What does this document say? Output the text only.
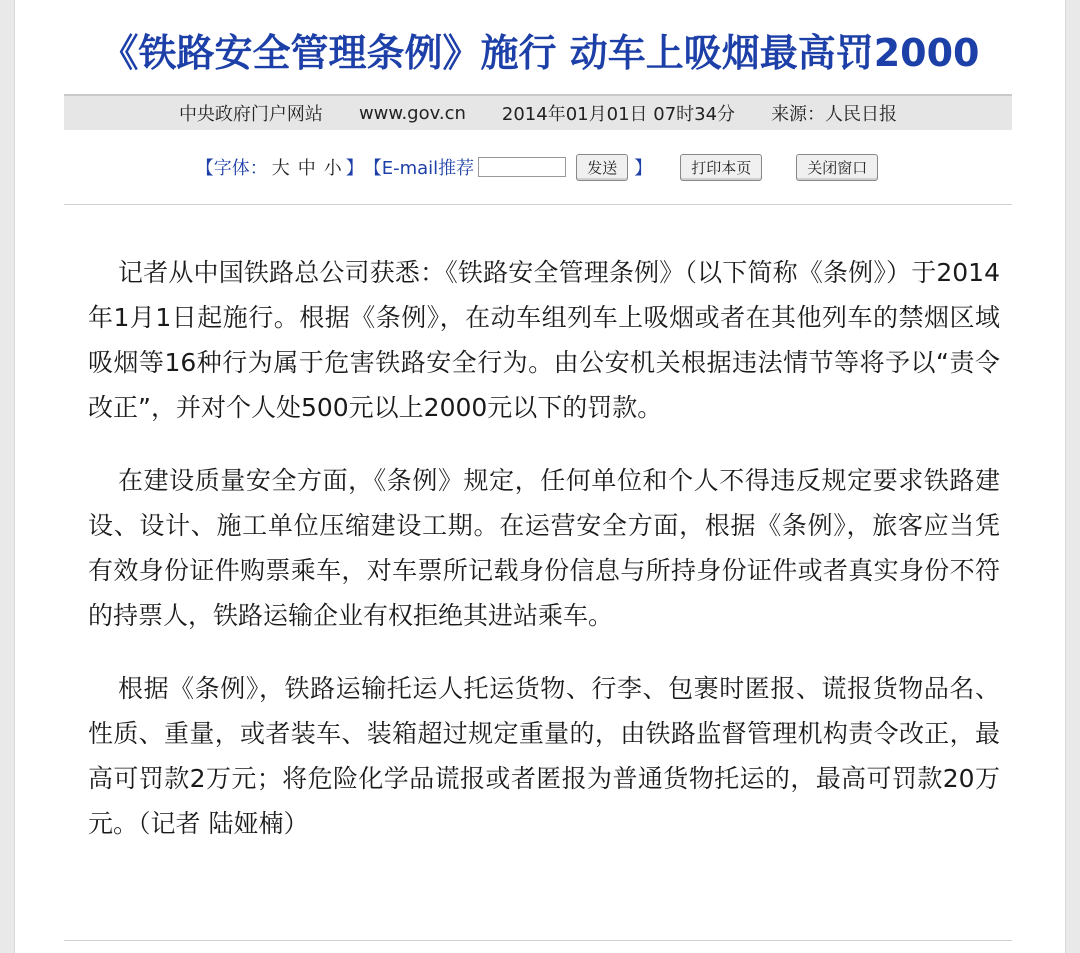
《铁路安全管理条例》施行 动车上吸烟最高罚2000
中央政府门户网站 www.gov.cn 2014年01月01日 07时34分 来源：人民日报
【 字体： 大 中 小 】 【 E-mail推荐	发送 】	打印本页	关闭窗口

记者从中国铁路总公司获悉：《铁路安全管理条例》（以下简称《条例》）于2014年1月1日起施行。根据《条例》，在动车组列车上吸烟或者在其他列车的禁烟区域吸烟等16种行为属于危害铁路安全行为。由公安机关根据违法情节等将予以“责令改正”，并对个人处500元以上2000元以下的罚款。

在建设质量安全方面，《条例》规定，任何单位和个人不得违反规定要求铁路建设、设计、施工单位压缩建设工期。在运营安全方面，根据《条例》，旅客应当凭有效身份证件购票乘车，对车票所记载身份信息与所持身份证件或者真实身份不符的持票人，铁路运输企业有权拒绝其进站乘车。

根据《条例》，铁路运输托运人托运货物、行李、包裹时匿报、谎报货物品名、性质、重量，或者装车、装箱超过规定重量的，由铁路监督管理机构责令改正，最高可罚款2万元；将危险化学品谎报或者匿报为普通货物托运的，最高可罚款20万元。（记者 陆娅楠）
